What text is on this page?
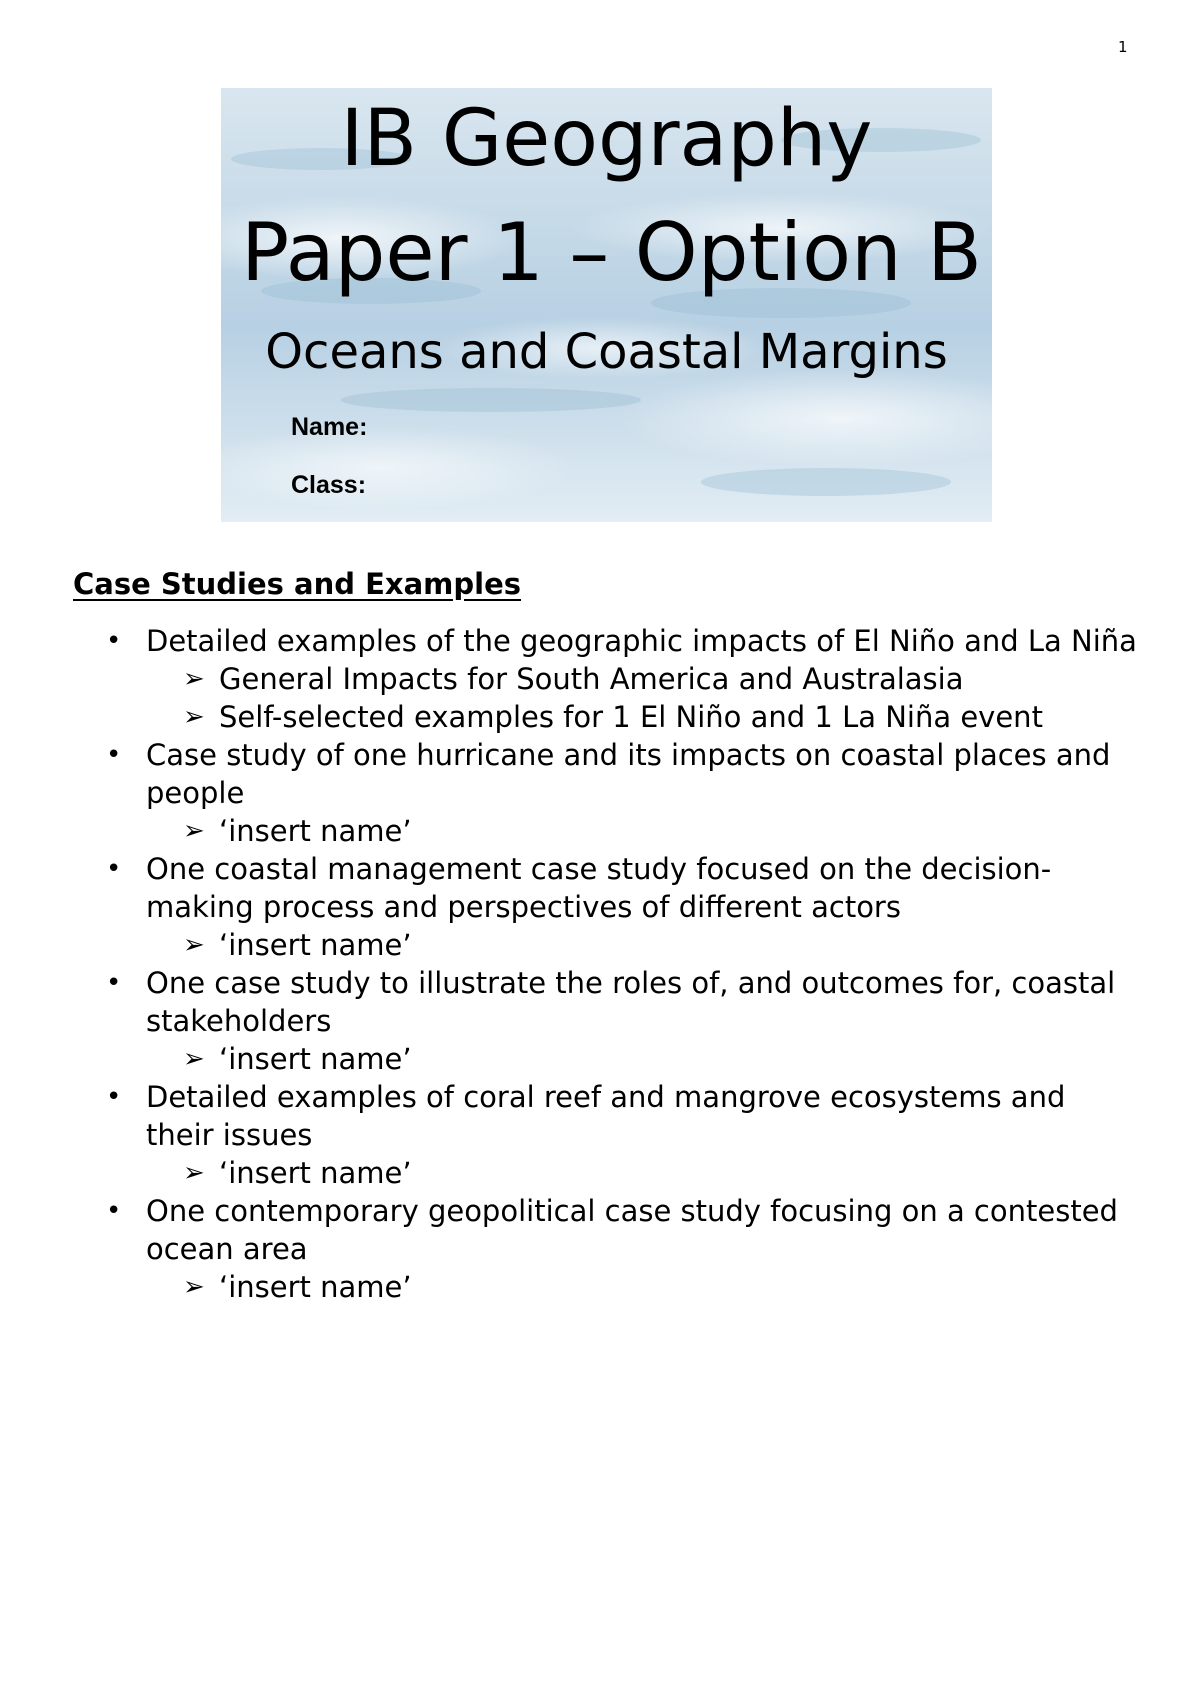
1
IB Geography
Paper 1 – Option B
Oceans and Coastal Margins
Name:
Class:
Case Studies and Examples
• Detailed examples of the geographic impacts of El Niño and La Niña
➢ General Impacts for South America and Australasia
➢ Self-selected examples for 1 El Niño and 1 La Niña event
• Case study of one hurricane and its impacts on coastal places and people
➢ ‘insert name’
• One coastal management case study focused on the decision-making process and perspectives of different actors
➢ ‘insert name’
• One case study to illustrate the roles of, and outcomes for, coastal stakeholders
➢ ‘insert name’
• Detailed examples of coral reef and mangrove ecosystems and their issues
➢ ‘insert name’
• One contemporary geopolitical case study focusing on a contested ocean area
➢ ‘insert name’
